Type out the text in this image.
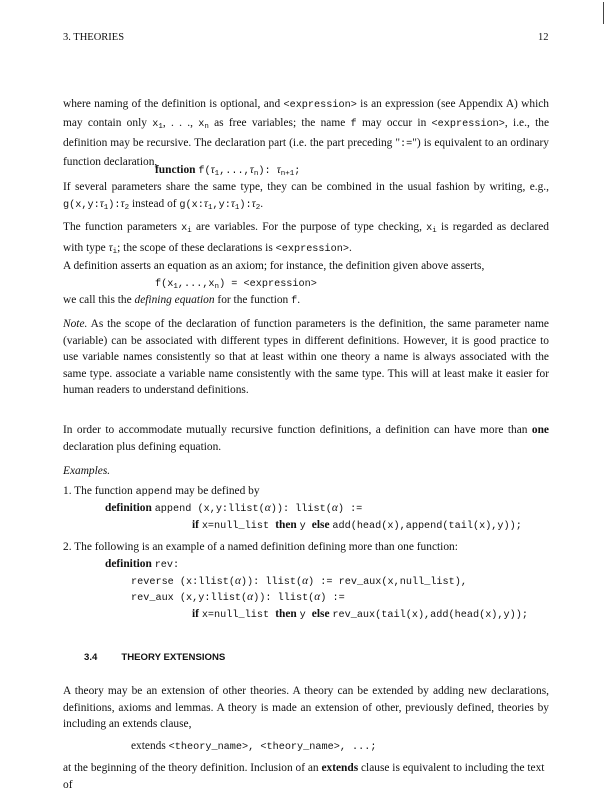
3. THEORIES	12
where naming of the definition is optional, and <expression> is an expression (see Appendix A) which may contain only $x_1$, . . ., $x_n$ as free variables; the name f may occur in <expression>, i.e., the definition may be recursive. The declaration part (i.e. the part preceding ":=") is equivalent to an ordinary function declaration,
function $f(\tau_1,...,\tau_n)$: $\tau_{n+1}$;
If several parameters share the same type, they can be combined in the usual fashion by writing, e.g., $g(x,y:\tau_1):\tau_2$ instead of $g(x:\tau_1,y:\tau_1):\tau_2$.
The function parameters $x_i$ are variables. For the purpose of type checking, $x_i$ is regarded as declared with type $\tau_i$; the scope of these declarations is <expression>.
A definition asserts an equation as an axiom; for instance, the definition given above asserts,
$f(x_1,...,x_n)$ = <expression>
we call this the defining equation for the function f.
Note. As the scope of the declaration of function parameters is the definition, the same parameter name (variable) can be associated with different types in different definitions. However, it is good practice to use variable names consistently so that at least within one theory a name is always associated with the same type. associate a variable name consistently with the same type. This will at least make it easier for human readers to understand definitions.
In order to accommodate mutually recursive function definitions, a definition can have more than one declaration plus defining equation.
Examples.
1. The function append may be defined by
definition append (x,y:llist(α)): llist(α) :=
if x=null_list then y else add(head(x),append(tail(x),y));
2. The following is an example of a named definition defining more than one function:
definition rev:
reverse (x:llist(α)): llist(α) := rev_aux(x,null_list),
rev_aux (x,y:llist(α)): llist(α) :=
if x=null_list then y else rev_aux(tail(x),add(head(x),y));
3.4	THEORY EXTENSIONS
A theory may be an extension of other theories. A theory can be extended by adding new declarations, definitions, axioms and lemmas. A theory is made an extension of other, previously defined, theories by including an extends clause,
extends <theory_name>, <theory_name>, ...;
at the beginning of the theory definition. Inclusion of an extends clause is equivalent to including the text of
